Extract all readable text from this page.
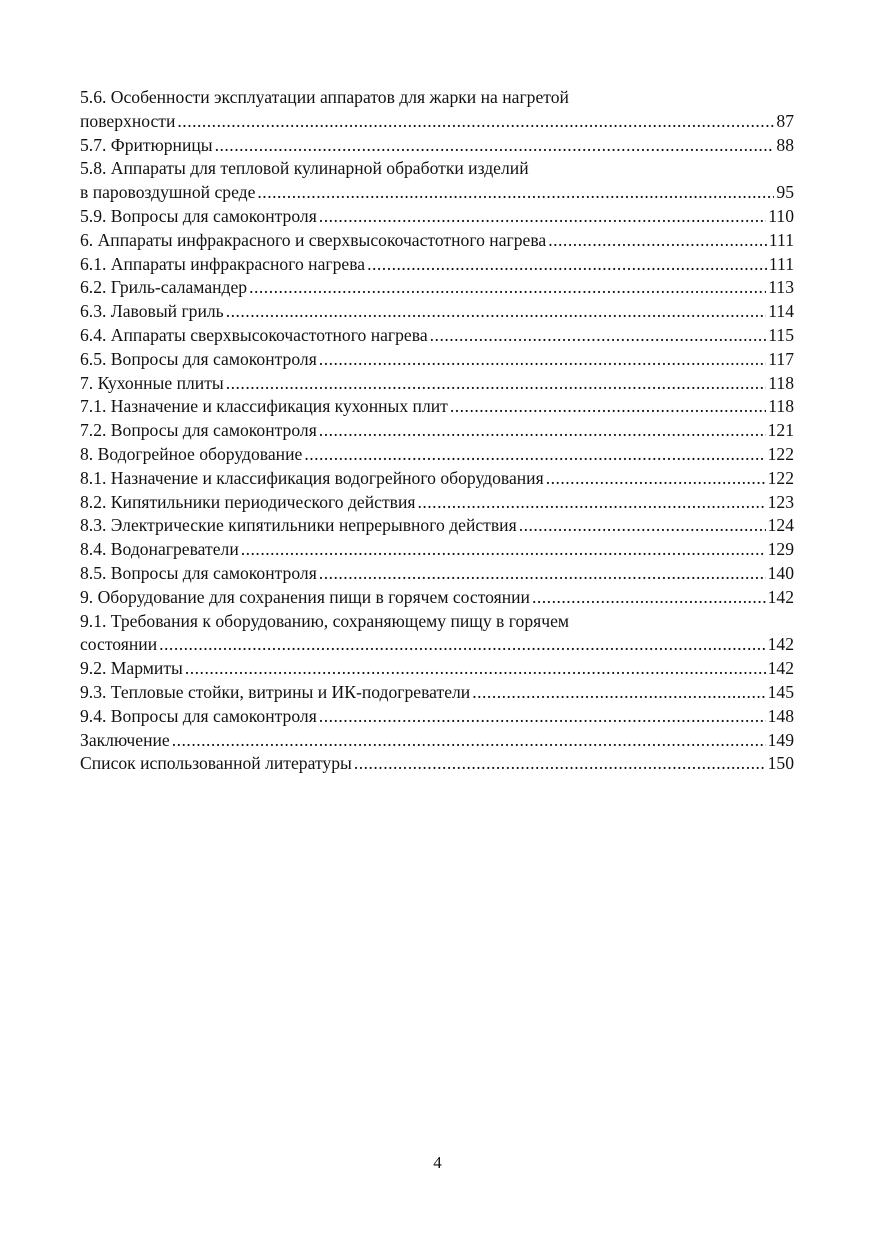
5.6. Особенности эксплуатации аппаратов для жарки на нагретой
поверхности .....	87
5.7. Фритюрницы .....	88
5.8. Аппараты для тепловой кулинарной обработки изделий
в паровоздушной среде .....	95
5.9. Вопросы для самоконтроля .....	110
6. Аппараты инфракрасного и сверхвысокочастотного нагрева .....	111
6.1. Аппараты инфракрасного нагрева .....	111
6.2. Гриль-саламандер .....	113
6.3. Лавовый гриль .....	114
6.4. Аппараты сверхвысокочастотного нагрева .....	115
6.5. Вопросы для самоконтроля .....	117
7. Кухонные плиты .....	118
7.1. Назначение и классификация кухонных плит .....	118
7.2. Вопросы для самоконтроля .....	121
8. Водогрейное оборудование .....	122
8.1. Назначение и классификация водогрейного оборудования .....	122
8.2. Кипятильники периодического действия .....	123
8.3. Электрические кипятильники непрерывного действия .....	124
8.4. Водонагреватели .....	129
8.5. Вопросы для самоконтроля .....	140
9. Оборудование для сохранения пищи в горячем состоянии .....	142
9.1. Требования к оборудованию, сохраняющему пищу в горячем
состоянии .....	142
9.2. Мармиты .....	142
9.3. Тепловые стойки, витрины и ИК-подогреватели .....	145
9.4. Вопросы для самоконтроля .....	148
Заключение .....	149
Список использованной литературы .....	150
4
